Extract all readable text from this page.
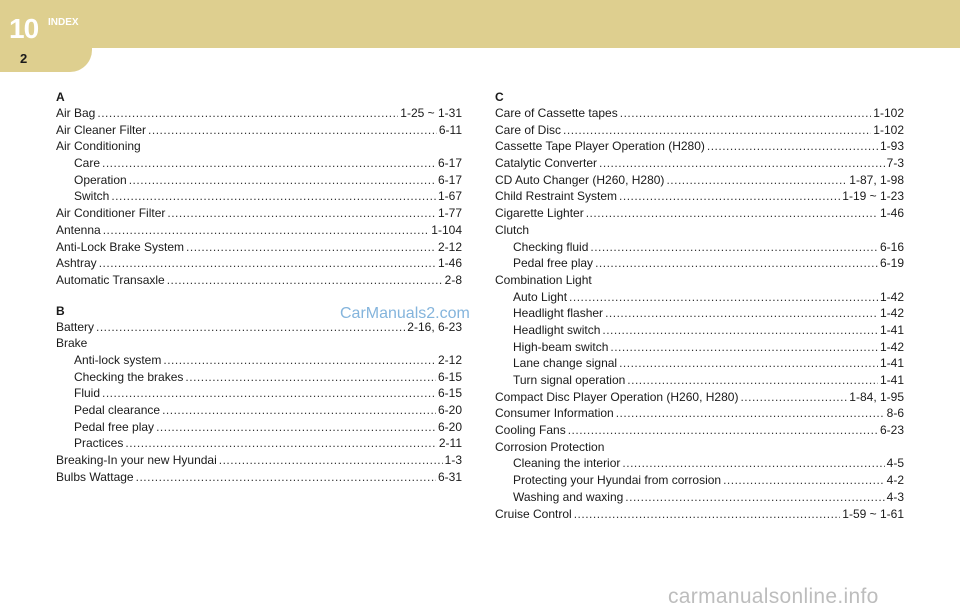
10 INDEX
2
A
Air Bag .....	1-25 ~ 1-31
Air Cleaner Filter .....	6-11
Air Conditioning
Care .....	6-17
Operation .....	6-17
Switch .....	1-67
Air Conditioner Filter .....	1-77
Antenna .....	1-104
Anti-Lock Brake System .....	2-12
Ashtray .....	1-46
Automatic Transaxle .....	2-8
B
Battery .....	2-16, 6-23
Brake
Anti-lock system .....	2-12
Checking the brakes .....	6-15
Fluid .....	6-15
Pedal clearance .....	6-20
Pedal free play .....	6-20
Practices .....	2-11
Breaking-In your new Hyundai .....	1-3
Bulbs Wattage .....	6-31
C
Care of Cassette tapes .....	1-102
Care of Disc .....	1-102
Cassette Tape Player Operation (H280) .....	1-93
Catalytic Converter .....	7-3
CD Auto Changer (H260, H280) .....	1-87, 1-98
Child Restraint System .....	1-19 ~ 1-23
Cigarette Lighter .....	1-46
Clutch
Checking fluid .....	6-16
Pedal free play .....	6-19
Combination Light
Auto Light .....	1-42
Headlight flasher .....	1-42
Headlight switch .....	1-41
High-beam switch .....	1-42
Lane change signal .....	1-41
Turn signal operation .....	1-41
Compact Disc Player Operation (H260, H280) .....	1-84, 1-95
Consumer Information .....	8-6
Cooling Fans .....	6-23
Corrosion Protection
Cleaning the interior .....	4-5
Protecting your Hyundai from corrosion .....	4-2
Washing and waxing .....	4-3
Cruise Control .....	1-59 ~ 1-61
CarManuals2.com
carmanualsonline.info
